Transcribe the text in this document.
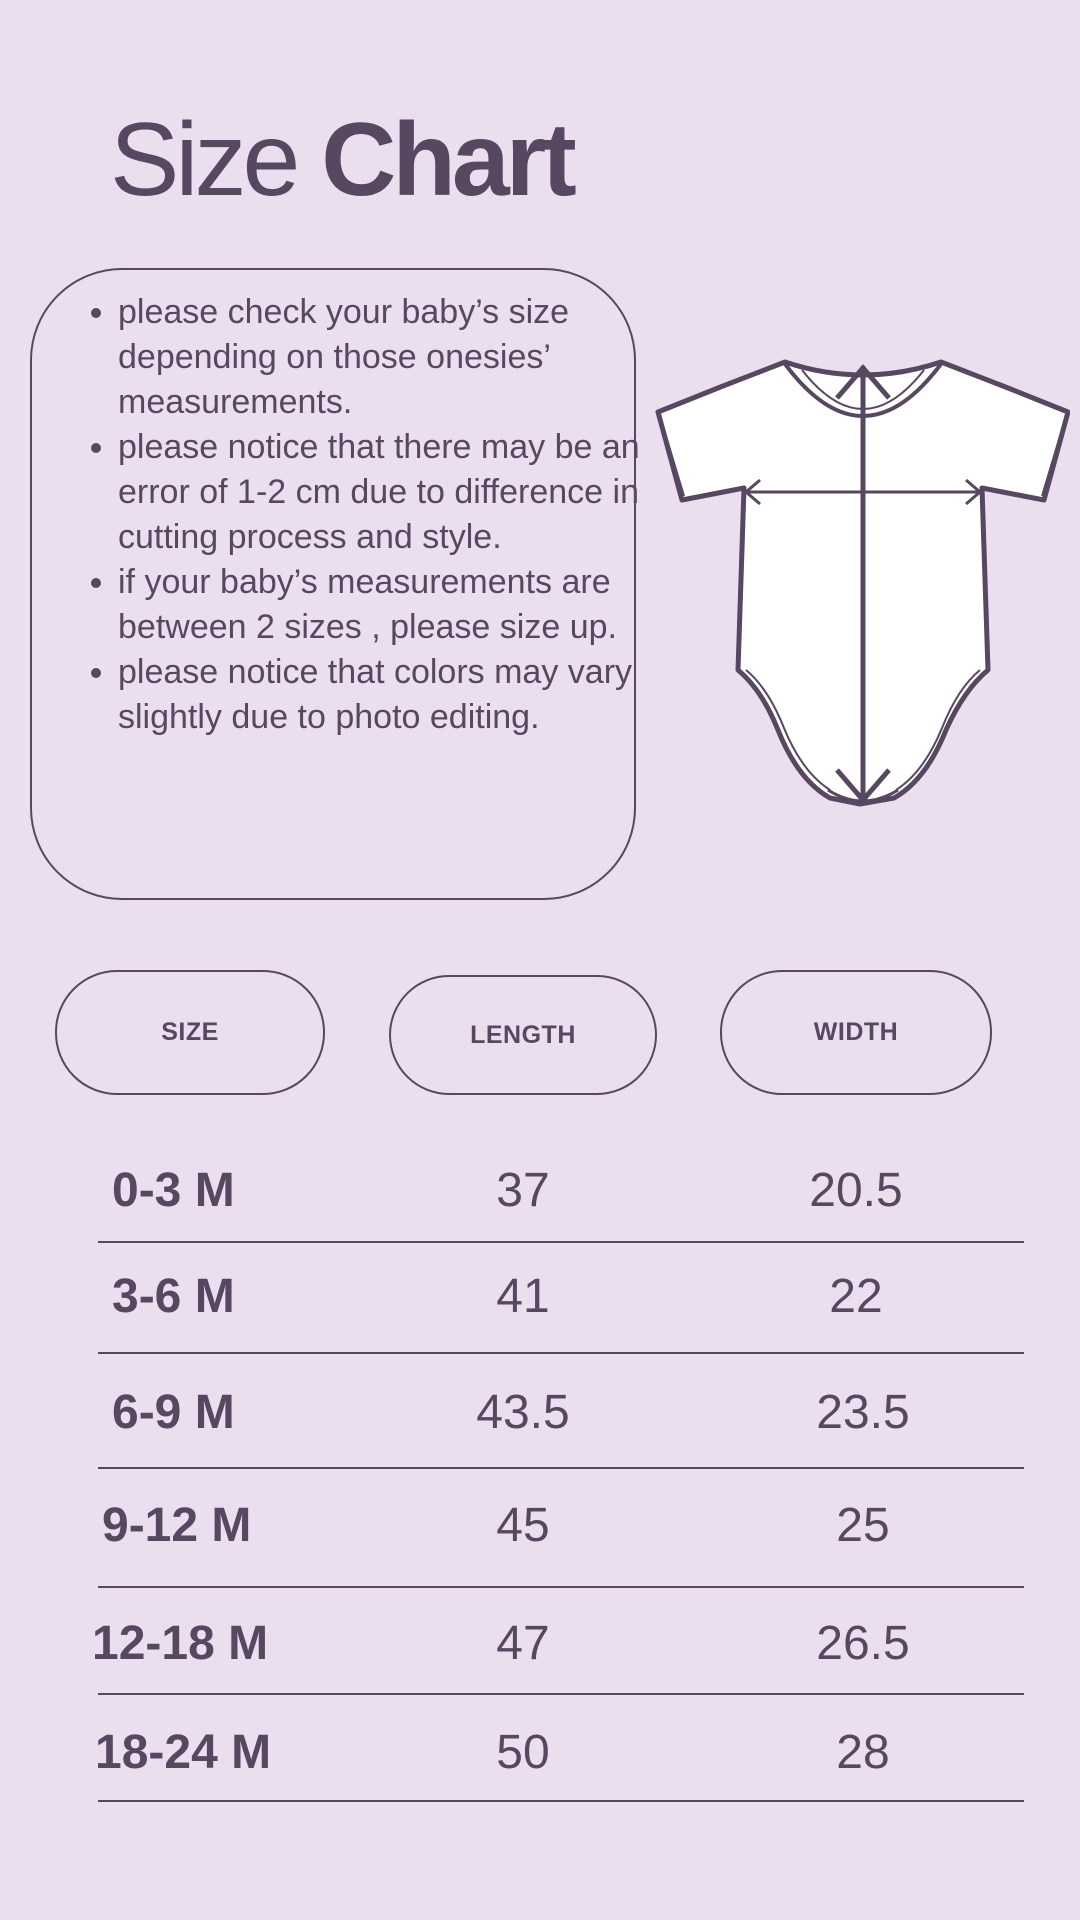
Size Chart
• please check your baby’s size depending on those onesies’ measurements.
• please notice that there may be an error of 1-2 cm due to difference in cutting process and style.
• if your baby’s measurements are between 2 sizes , please size up.
• please notice that colors may vary slightly due to photo editing.
SIZE	LENGTH	WIDTH
0-3 M	37	20.5
3-6 M	41	22
6-9 M	43.5	23.5
9-12 M	45	25
12-18 M	47	26.5
18-24 M	50	28
